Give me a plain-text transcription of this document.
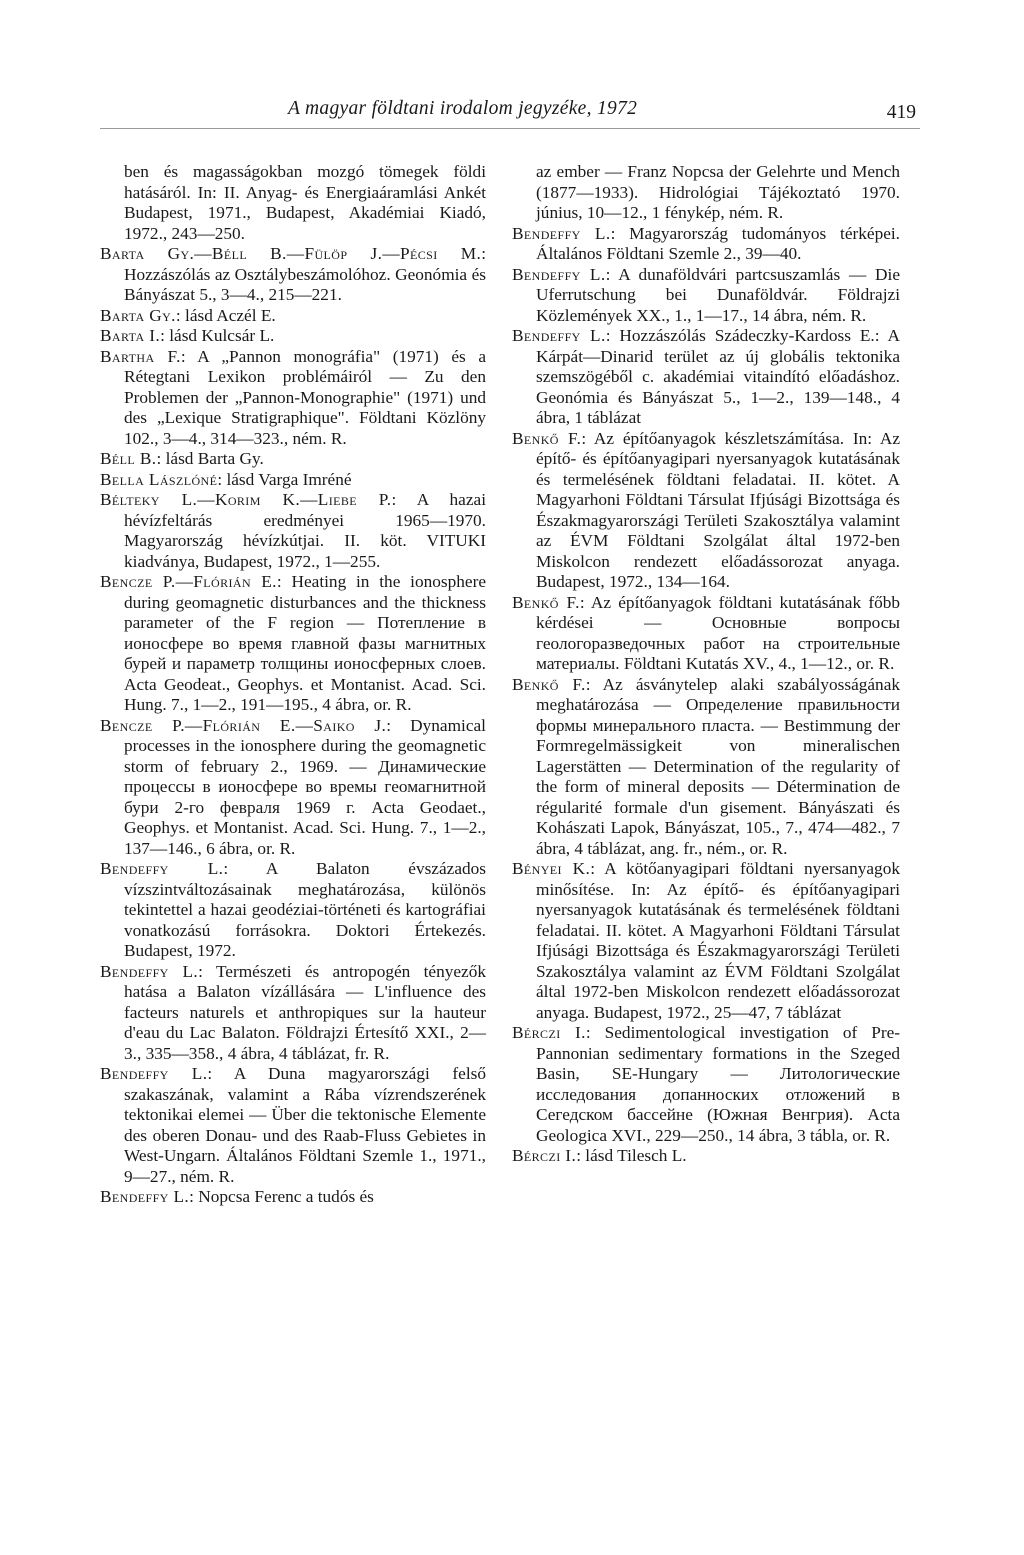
A magyar földtani irodalom jegyzéke, 1972	419

ben és magasságokban mozgó tömegek földi hatásáról. In: II. Anyag- és Energiaáramlási Ankét Budapest, 1971., Budapest, Akadémiai Kiadó, 1972., 243—250.

Barta Gy.—Béll B.—Fülöp J.—Pécsi M.: Hozzászólás az Osztálybeszámolóhoz. Geonómia és Bányászat 5., 3—4., 215—221.

Barta Gy.: lásd Aczél E.

Barta I.: lásd Kulcsár L.

Bartha F.: A „Pannon monográfia" (1971) és a Rétegtani Lexikon problémáiról — Zu den Problemen der „Pannon-Monographie" (1971) und des „Lexique Stratigraphique". Földtani Közlöny 102., 3—4., 314—323., ném. R.

Béll B.: lásd Barta Gy.

Bella Lászlóné: lásd Varga Imréné

Bélteky L.—Korim K.—Liebe P.: A hazai hévízfeltárás eredményei 1965—1970. Magyarország hévízkútjai. II. köt. VITUKI kiadványa, Budapest, 1972., 1—255.

Bencze P.—Flórián E.: Heating in the ionosphere during geomagnetic disturbances and the thickness parameter of the F region — Потепление в ионосфере во время главной фазы магнитных бурей и параметр толщины ионосферных слоев. Acta Geodeat., Geophys. et Montanist. Acad. Sci. Hung. 7., 1—2., 191—195., 4 ábra, or. R.

Bencze P.—Flórián E.—Saiko J.: Dynamical processes in the ionosphere during the geomagnetic storm of february 2., 1969. — Динамические процессы в ионосфере во времы геомагнитной бури 2-го февраля 1969 г. Acta Geodaet., Geophys. et Montanist. Acad. Sci. Hung. 7., 1—2., 137—146., 6 ábra, or. R.

Bendeffy L.: A Balaton évszázados vízszintváltozásainak meghatározása, különös tekintettel a hazai geodéziai-történeti és kartográfiai vonatkozású forrásokra. Doktori Értekezés. Budapest, 1972.

Bendeffy L.: Természeti és antropogén tényezők hatása a Balaton vízállására — L'influence des facteurs naturels et anthropiques sur la hauteur d'eau du Lac Balaton. Földrajzi Értesítő XXI., 2—3., 335—358., 4 ábra, 4 táblázat, fr. R.

Bendeffy L.: A Duna magyarországi felső szakaszának, valamint a Rába vízrendszerének tektonikai elemei — Über die tektonische Elemente des oberen Donau- und des Raab-Fluss Gebietes in West-Ungarn. Általános Földtani Szemle 1., 1971., 9—27., ném. R.

Bendeffy L.: Nopcsa Ferenc a tudós és

az ember — Franz Nopcsa der Gelehrte und Mench (1877—1933). Hidrológiai Tájékoztató 1970. június, 10—12., 1 fénykép, ném. R.

Bendeffy L.: Magyarország tudományos térképei. Általános Földtani Szemle 2., 39—40.

Bendeffy L.: A dunaföldvári partcsuszamlás — Die Uferrutschung bei Dunaföldvár. Földrajzi Közlemények XX., 1., 1—17., 14 ábra, ném. R.

Bendeffy L.: Hozzászólás Szádeczky-Kardoss E.: A Kárpát—Dinarid terület az új globális tektonika szemszögéből c. akadémiai vitaindító előadáshoz. Geonómia és Bányászat 5., 1—2., 139—148., 4 ábra, 1 táblázat

Benkő F.: Az építőanyagok készletszámítása. In: Az építő- és építőanyagipari nyersanyagok kutatásának és termelésének földtani feladatai. II. kötet. A Magyarhoni Földtani Társulat Ifjúsági Bizottsága és Északmagyarországi Területi Szakosztálya valamint az ÉVM Földtani Szolgálat által 1972-ben Miskolcon rendezett előadássorozat anyaga. Budapest, 1972., 134—164.

Benkő F.: Az építőanyagok földtani kutatásának főbb kérdései — Основные вопросы геологоразведочных работ на строительные материалы. Földtani Kutatás XV., 4., 1—12., or. R.

Benkő F.: Az ásványtelep alaki szabályosságának meghatározása — Определение правильности формы минерального пласта. — Bestimmung der Formregelmässigkeit von mineralischen Lagerstätten — Determination of the regularity of the form of mineral deposits — Détermination de régularité formale d'un gisement. Bányászati és Kohászati Lapok, Bányászat, 105., 7., 474—482., 7 ábra, 4 táblázat, ang. fr., ném., or. R.

Bényei K.: A kötőanyagipari földtani nyersanyagok minősítése. In: Az építő- és építőanyagipari nyersanyagok kutatásának és termelésének földtani feladatai. II. kötet. A Magyarhoni Földtani Társulat Ifjúsági Bizottsága és Északmagyarországi Területi Szakosztálya valamint az ÉVM Földtani Szolgálat által 1972-ben Miskolcon rendezett előadássorozat anyaga. Budapest, 1972., 25—47, 7 táblázat

Bérczi I.: Sedimentological investigation of Pre-Pannonian sedimentary formations in the Szeged Basin, SE-Hungary — Литологические исследования допанноских отложений в Сегедском бассейне (Южная Венгрия). Acta Geologica XVI., 229—250., 14 ábra, 3 tábla, or. R.

Bérczi I.: lásd Tilesch L.
